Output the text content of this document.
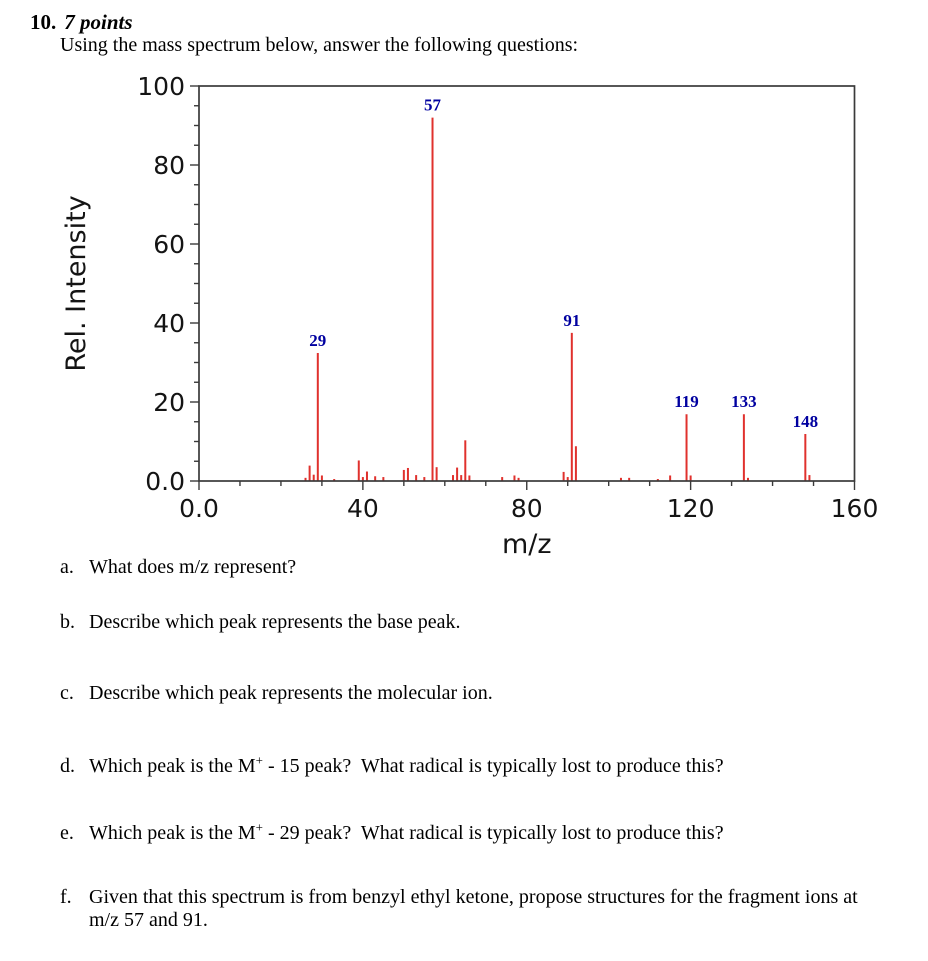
10. 7 points
Using the mass spectrum below, answer the following questions:
0.0	40	80	120	160
0.0
20
40
60
80
100
m/z
Rel. Intensity	29
57
91
119 133
148
a. What does m/z represent?
b. Describe which peak represents the base peak.
c. Describe which peak represents the molecular ion.
d. Which peak is the M+ - 15 peak?  What radical is typically lost to produce this?
e. Which peak is the M+ - 29 peak?  What radical is typically lost to produce this?
f. Given that this spectrum is from benzyl ethyl ketone, propose structures for the fragment ions at
m/z 57 and 91.
